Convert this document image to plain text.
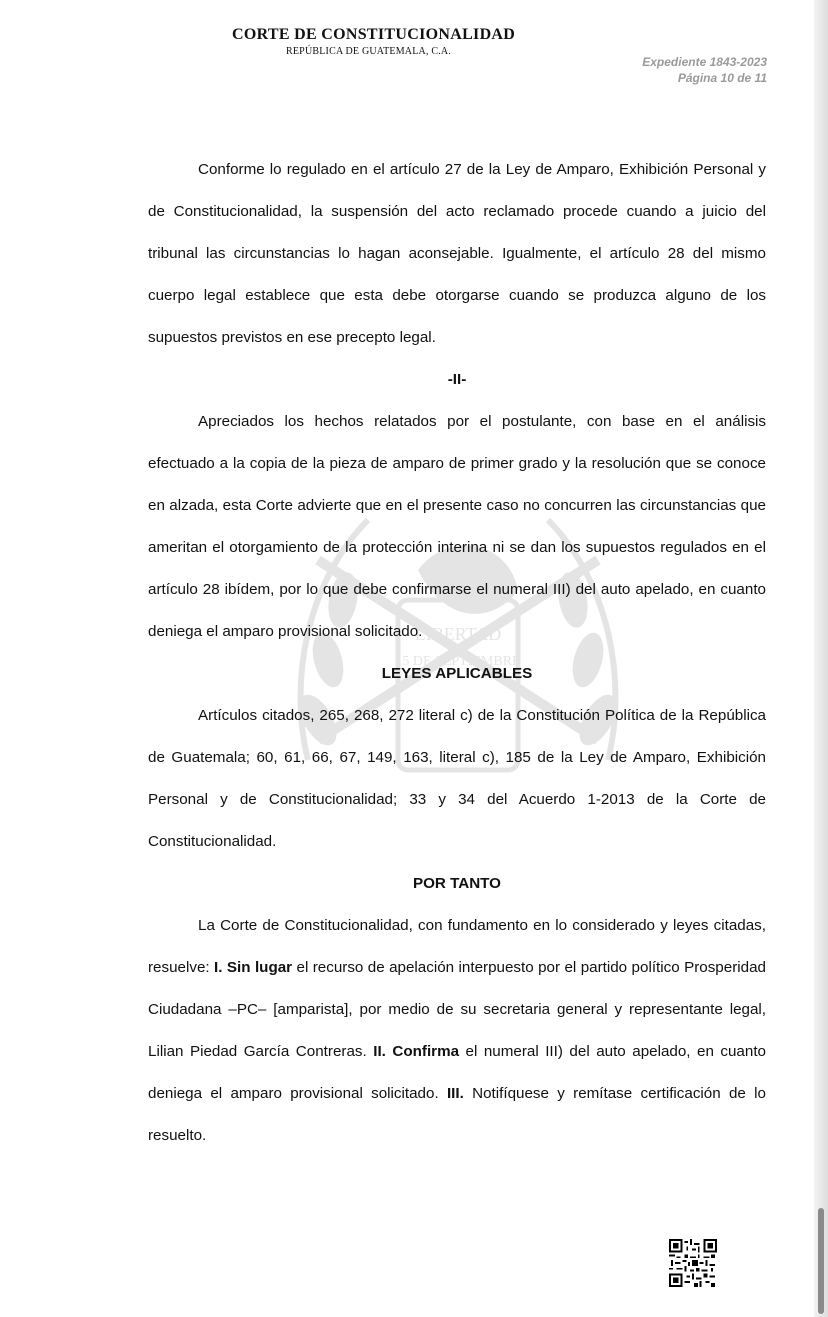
LIBERTAD
15 DE SEPTIEMBRE
CORTE DE CONSTITUCIONALIDAD
REPÚBLICA DE GUATEMALA, C.A.
Expediente 1843-2023
Página 10 de 11

Conforme lo regulado en el artículo 27 de la Ley de Amparo, Exhibición Personal y de Constitucionalidad, la suspensión del acto reclamado procede cuando a juicio del tribunal las circunstancias lo hagan aconsejable. Igualmente, el artículo 28 del mismo cuerpo legal establece que esta debe otorgarse cuando se produzca alguno de los supuestos previstos en ese precepto legal.

-II-

Apreciados los hechos relatados por el postulante, con base en el análisis efectuado a la copia de la pieza de amparo de primer grado y la resolución que se conoce en alzada, esta Corte advierte que en el presente caso no concurren las circunstancias que ameritan el otorgamiento de la protección interina ni se dan los supuestos regulados en el artículo 28 ibídem, por lo que debe confirmarse el numeral III) del auto apelado, en cuanto deniega el amparo provisional solicitado.

LEYES APLICABLES

Artículos citados, 265, 268, 272 literal c) de la Constitución Política de la República de Guatemala; 60, 61, 66, 67, 149, 163, literal c), 185 de la Ley de Amparo, Exhibición Personal y de Constitucionalidad; 33 y 34 del Acuerdo 1-2013 de la Corte de Constitucionalidad.

POR TANTO

La Corte de Constitucionalidad, con fundamento en lo considerado y leyes citadas, resuelve: I. Sin lugar el recurso de apelación interpuesto por el partido político Prosperidad Ciudadana –PC– [amparista], por medio de su secretaria general y representante legal, Lilian Piedad García Contreras. II. Confirma el numeral III) del auto apelado, en cuanto deniega el amparo provisional solicitado. III. Notifíquese y remítase certificación de lo resuelto.
